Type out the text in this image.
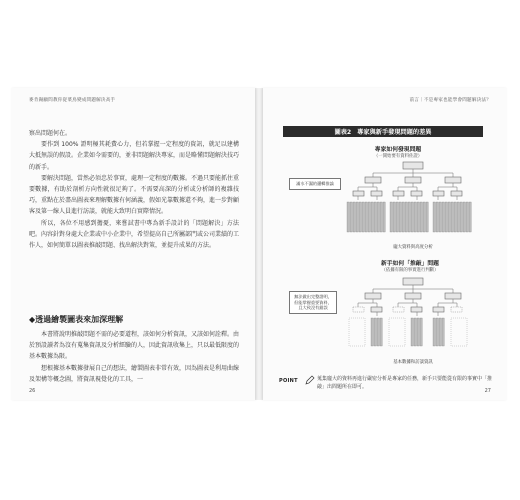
麥肯錫顧問教你從菜鳥變成問題解決高手

察出問題何在。

要作到 100% 證明極其耗費心力，但若掌握一定程度的資訊，就足以建構大抵無誤的假設。企業如今需要的，並非問題解決專家，而是略懂問題解決技巧的新手。

要解決問題，當然必須忠於事實，處理一定程度的數據。不過只要能抓住重要數據，有助於剖析方向性就很足夠了。不需要高深的分析或分析師的複雜技巧，重點在於盡出圖表來理解數據有何涵義，假如光靠數據還不夠，進一步對顧客及第一線人員進行訪談，就能大致明白實際情況。

所以，各位不用感到擔憂，來嘗試書中專為新手設計的「問題解決」方法吧。內容針對身處大企業或中小企業中，希望提高自己所屬部門或公司業績的工作人，如何簡單以圖表推敲問題、找出解決對策，並提升成果的方法。

◆透過繪製圖表來加深理解

本書將說明推敲問題不需的必要道程，該如何分析資訊，又該如何詮釋。由於預設讀者為沒有蒐集資訊及分析經驗的人，因此資訊收集上，只以最低限度的基本數據為限。

想根據基本數據發展自己的想法，繪製圖表非常有效，因為圖表是利用曲線及架構等概念圖，將資訊視覺化的工具，一

26
前言｜不是專家也能學會問題解決法？
圖表2 專家與新手發現問題的差異
專家如何發現問題
（一開始要有資料佐證）
滿水不漏的邏輯推論
龐大資料與高度分析
新手如何「推敲」問題
（依據有限的事實進行判斷）
無法做出完整證明，但能掌握重要資料，且大致沒有錯誤
基本數據和訪談資訊
POINT	蒐集龐大的資料再進行嚴密分析是專家的任務，新手只要能從有限的事實中「推敲」出問題所在即可。
27
